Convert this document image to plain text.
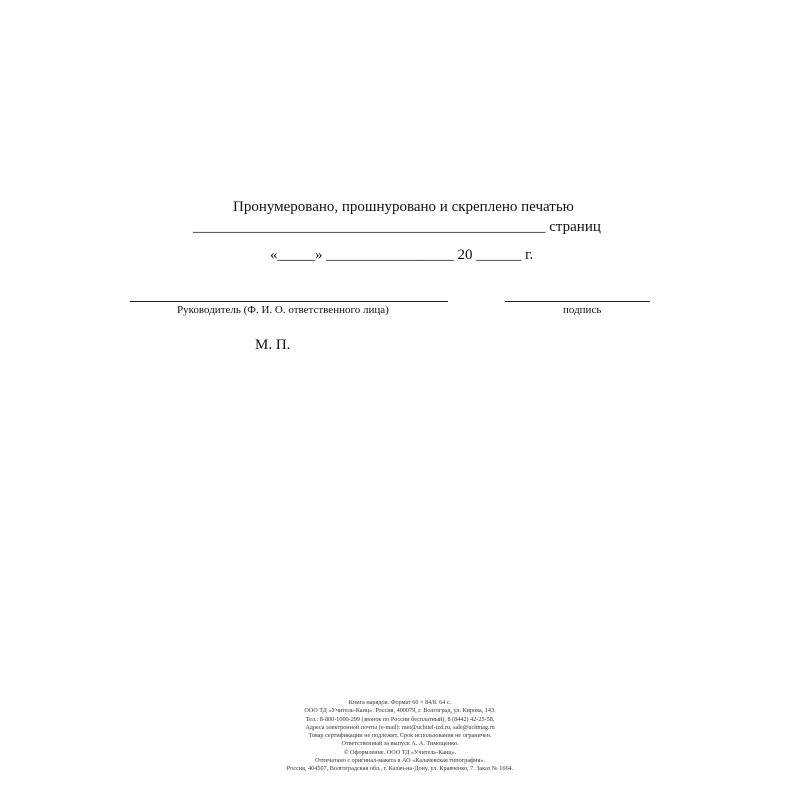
Пронумеровано, прошнуровано и скреплено печатью
_______________________________________________ страниц
«_____» _________________ 20 ______ г.
Руководитель (Ф. И. О. ответственного лица)	подпись
М. П.
Книга нарядов. Формат 60 × 84/8. 64 с.
ООО ТД «Учитель-Канц». Россия, 400079, г. Волгоград, ул. Кирова, 143.
Тел.: 8-800-1000-299 (звонок по России бесплатный), 8 (8442) 42-25-58.
Адреса электронной почты (e-mail): met@uchitel-izd.ru, sale@uchmag.ru
Товар сертификации не подлежит. Срок использования не ограничен.
Ответственный за выпуск А. А. Тимощенко.
© Оформление. ООО ТД «Учитель-Канц».
Отпечатано с оригинал-макета в АО «Калачевская типография».
Россия, 404507, Волгоградская обл., г. Калач-на-Дону, ул. Кравченко, 7. Заказ № 1664.
